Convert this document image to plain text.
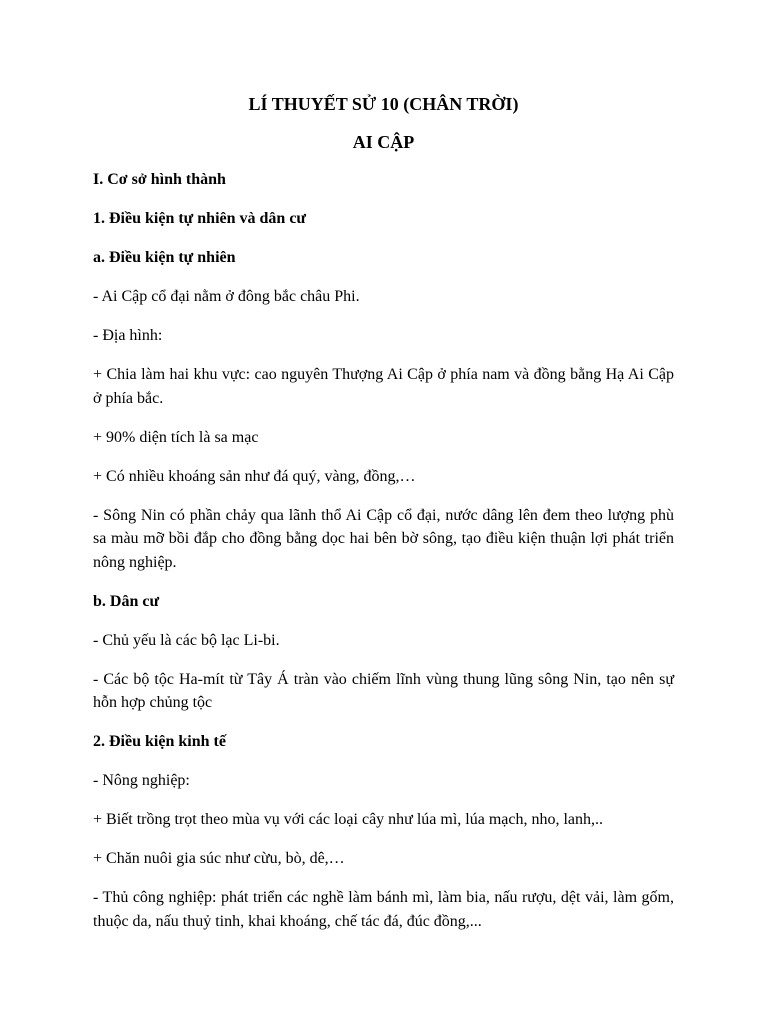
LÍ THUYẾT SỬ 10 (CHÂN TRỜI)
AI CẬP
I. Cơ sở hình thành
1. Điều kiện tự nhiên và dân cư
a. Điều kiện tự nhiên
- Ai Cập cổ đại nằm ở đông bắc châu Phi.
- Địa hình:
+ Chia làm hai khu vực: cao nguyên Thượng Ai Cập ở phía nam và đồng bằng Hạ Ai Cập ở phía bắc.
+ 90% diện tích là sa mạc
+ Có nhiều khoáng sản như đá quý, vàng, đồng,…
- Sông Nin có phần chảy qua lãnh thổ Ai Cập cổ đại, nước dâng lên đem theo lượng phù sa màu mỡ bồi đắp cho đồng bằng dọc hai bên bờ sông, tạo điều kiện thuận lợi phát triển nông nghiệp.
b. Dân cư
- Chủ yếu là các bộ lạc Li-bi.
- Các bộ tộc Ha-mít từ Tây Á tràn vào chiếm lĩnh vùng thung lũng sông Nin, tạo nên sự hỗn hợp chủng tộc
2. Điều kiện kinh tế
- Nông nghiệp:
+ Biết trồng trọt theo mùa vụ với các loại cây như lúa mì, lúa mạch, nho, lanh,..
+ Chăn nuôi gia súc như cừu, bò, dê,…
- Thủ công nghiệp: phát triển các nghề làm bánh mì, làm bia, nấu rượu, dệt vải, làm gốm, thuộc da, nấu thuỷ tinh, khai khoáng, chế tác đá, đúc đồng,...
